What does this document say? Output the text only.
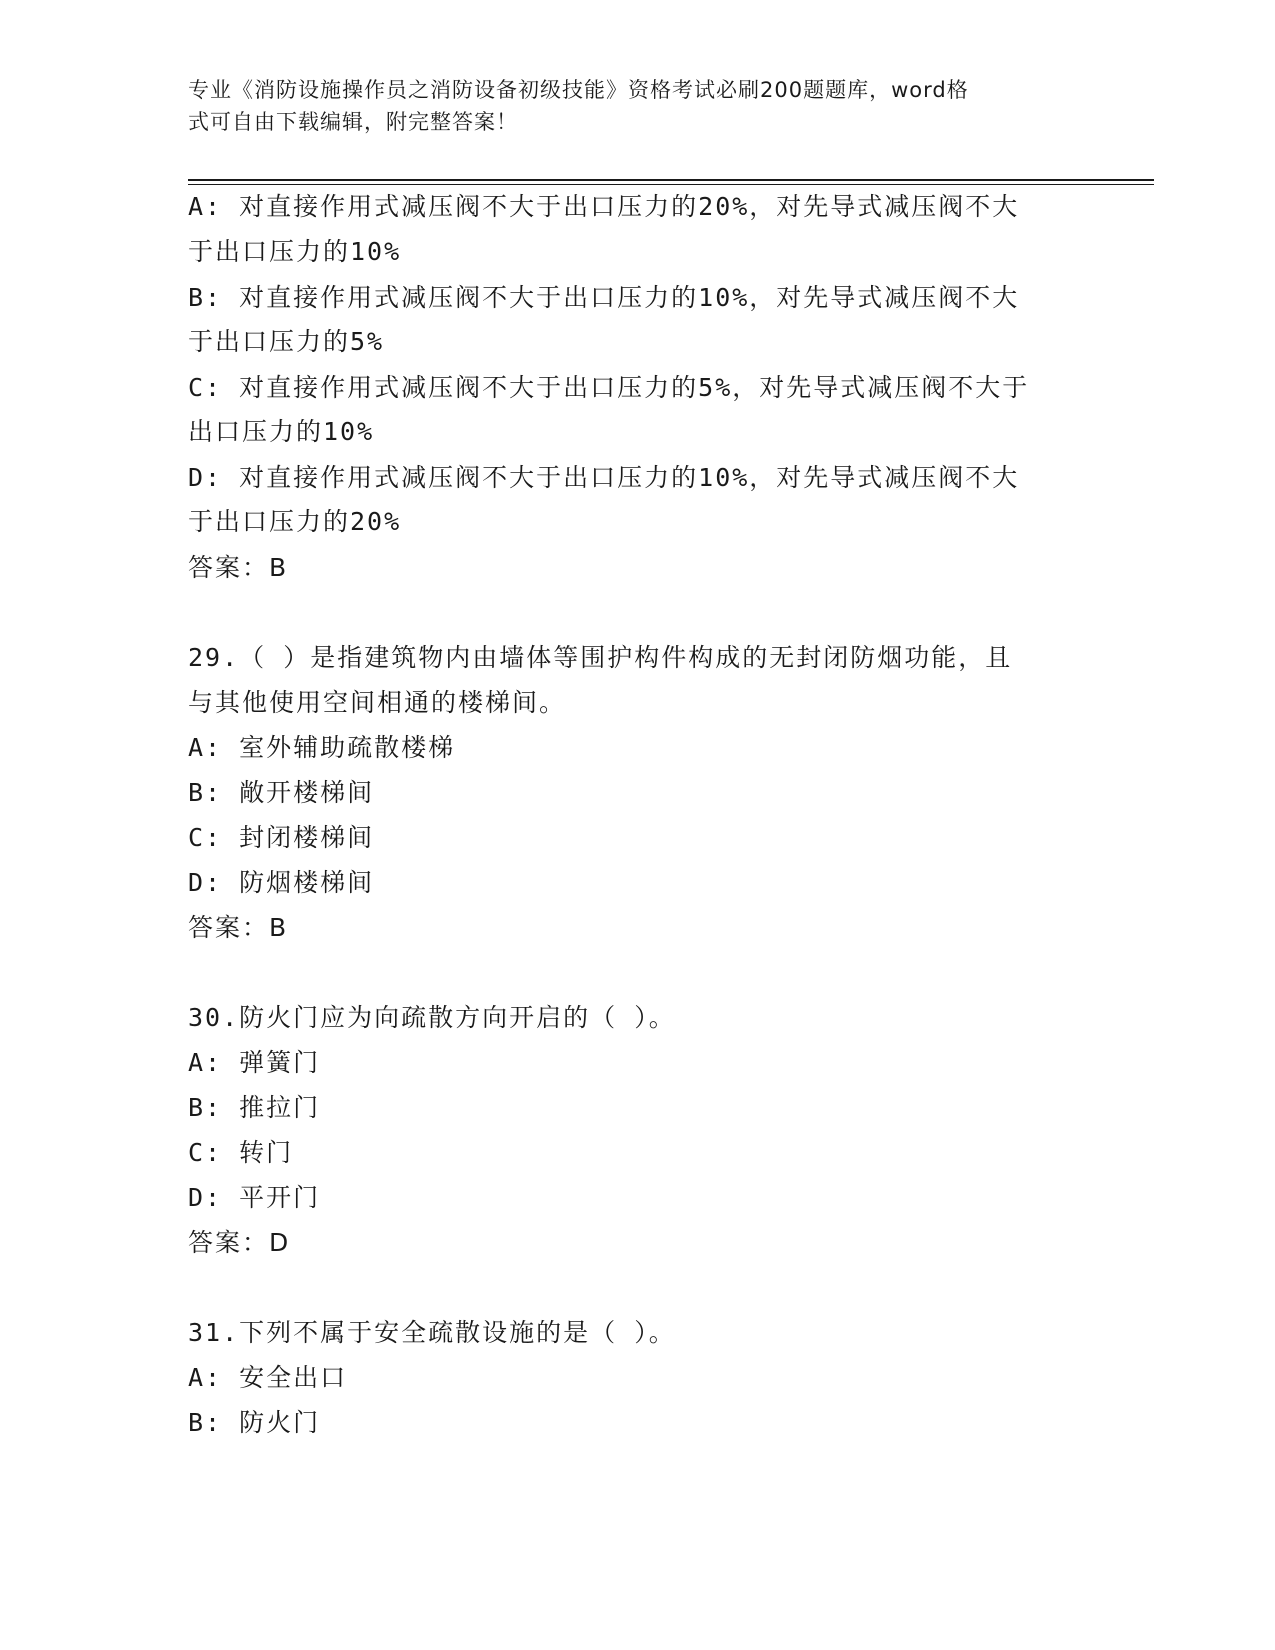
专业《消防设施操作员之消防设备初级技能》资格考试必刷200题题库，word格
式可自由下载编辑，附完整答案！
A: 对直接作用式减压阀不大于出口压力的20%，对先导式减压阀不大
于出口压力的10%
B: 对直接作用式减压阀不大于出口压力的10%，对先导式减压阀不大
于出口压力的5%
C: 对直接作用式减压阀不大于出口压力的5%，对先导式减压阀不大于
出口压力的10%
D: 对直接作用式减压阀不大于出口压力的10%，对先导式减压阀不大
于出口压力的20%
答案：B
29.（ ）是指建筑物内由墙体等围护构件构成的无封闭防烟功能，且
与其他使用空间相通的楼梯间。
A: 室外辅助疏散楼梯
B: 敞开楼梯间
C: 封闭楼梯间
D: 防烟楼梯间
答案：B
30.防火门应为向疏散方向开启的（ ）。
A: 弹簧门
B: 推拉门
C: 转门
D: 平开门
答案：D
31.下列不属于安全疏散设施的是（ ）。
A: 安全出口
B: 防火门
